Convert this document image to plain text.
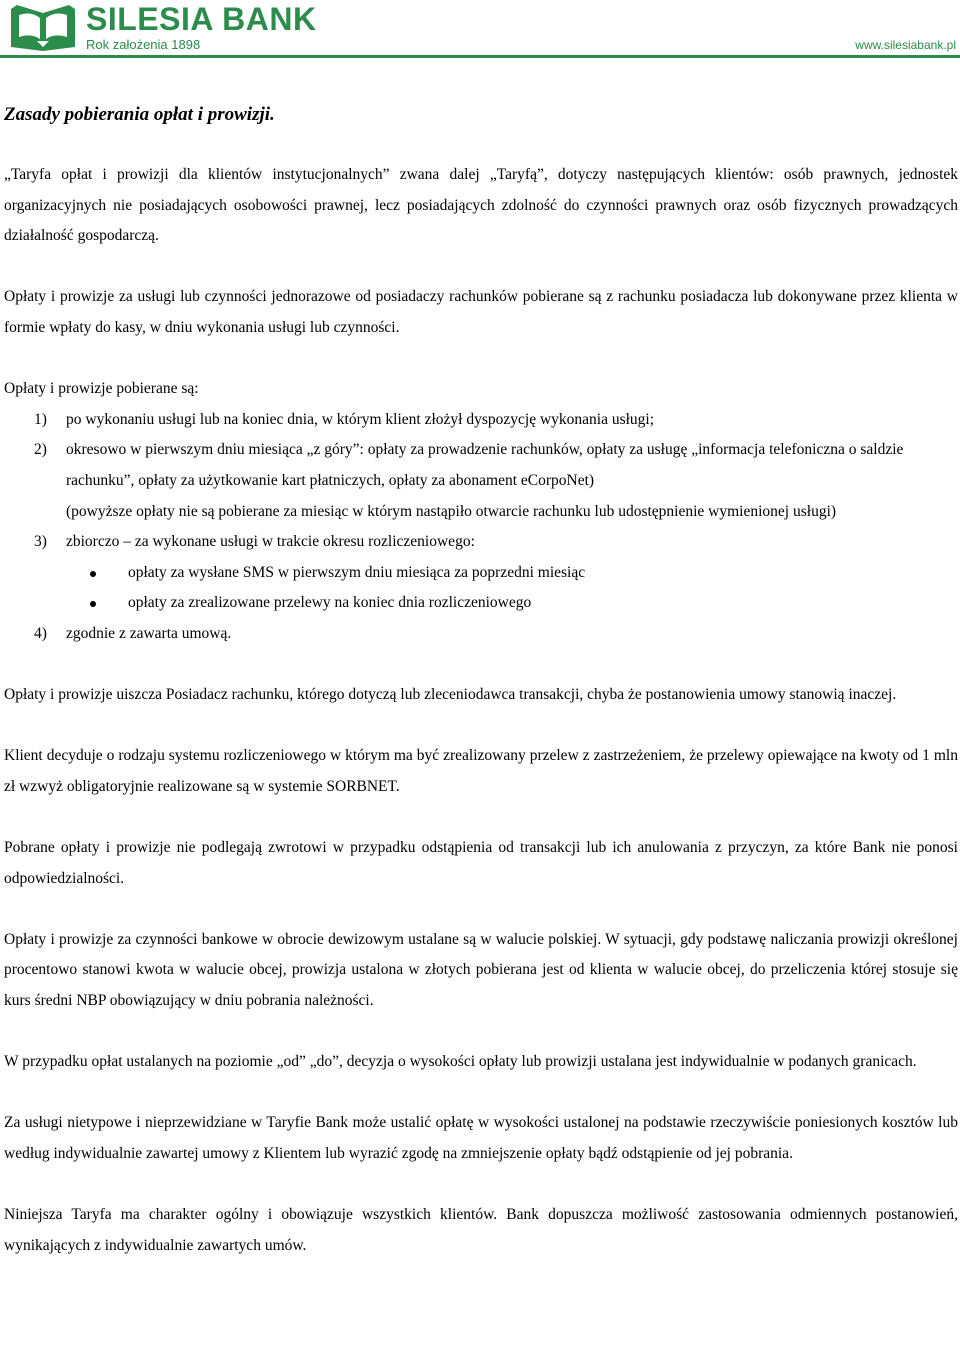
SILESIA BANK
Rok założenia 1898	www.silesiabank.pl
Zasady pobierania opłat i prowizji.

„Taryfa opłat i prowizji dla klientów instytucjonalnych” zwana dalej „Taryfą”, dotyczy następujących klientów: osób prawnych, jednostek organizacyjnych nie posiadających osobowości prawnej, lecz posiadających zdolność do czynności prawnych oraz osób fizycznych prowadzących działalność gospodarczą.

Opłaty i prowizje za usługi lub czynności jednorazowe od posiadaczy rachunków pobierane są z rachunku posiadacza lub dokonywane przez klienta w formie wpłaty do kasy, w dniu wykonania usługi lub czynności.

Opłaty i prowizje pobierane są:
1) po wykonaniu usługi lub na koniec dnia, w którym klient złożył dyspozycję wykonania usługi;
2) okresowo w pierwszym dniu miesiąca „z góry”: opłaty za prowadzenie rachunków, opłaty za usługę „informacja telefoniczna o saldzie rachunku”, opłaty za użytkowanie kart płatniczych, opłaty za abonament eCorpoNet)
(powyższe opłaty nie są pobierane za miesiąc w którym nastąpiło otwarcie rachunku lub udostępnienie wymienionej usługi)
3) zbiorczo – za wykonane usługi w trakcie okresu rozliczeniowego:
opłaty za wysłane SMS w pierwszym dniu miesiąca za poprzedni miesiąc
opłaty za zrealizowane przelewy na koniec dnia rozliczeniowego
4) zgodnie z zawarta umową.

Opłaty i prowizje uiszcza Posiadacz rachunku, którego dotyczą lub zleceniodawca transakcji, chyba że postanowienia umowy stanowią inaczej.

Klient decyduje o rodzaju systemu rozliczeniowego w którym ma być zrealizowany przelew z zastrzeżeniem, że przelewy opiewające na kwoty od 1 mln zł wzwyż obligatoryjnie realizowane są w systemie SORBNET.

Pobrane opłaty i prowizje nie podlegają zwrotowi w przypadku odstąpienia od transakcji lub ich anulowania z przyczyn, za które Bank nie ponosi odpowiedzialności.

Opłaty i prowizje za czynności bankowe w obrocie dewizowym ustalane są w walucie polskiej. W sytuacji, gdy podstawę naliczania prowizji określonej procentowo stanowi kwota w walucie obcej, prowizja ustalona w złotych pobierana jest od klienta w walucie obcej, do przeliczenia której stosuje się kurs średni NBP obowiązujący w dniu pobrania należności.

W przypadku opłat ustalanych na poziomie „od” „do”, decyzja o wysokości opłaty lub prowizji ustalana jest indywidualnie w podanych granicach.

Za usługi nietypowe i nieprzewidziane w Taryfie Bank może ustalić opłatę w wysokości ustalonej na podstawie rzeczywiście poniesionych kosztów lub według indywidualnie zawartej umowy z Klientem lub wyrazić zgodę na zmniejszenie opłaty bądź odstąpienie od jej pobrania.

Niniejsza Taryfa ma charakter ogólny i obowiązuje wszystkich klientów. Bank dopuszcza możliwość zastosowania odmiennych postanowień, wynikających z indywidualnie zawartych umów.
